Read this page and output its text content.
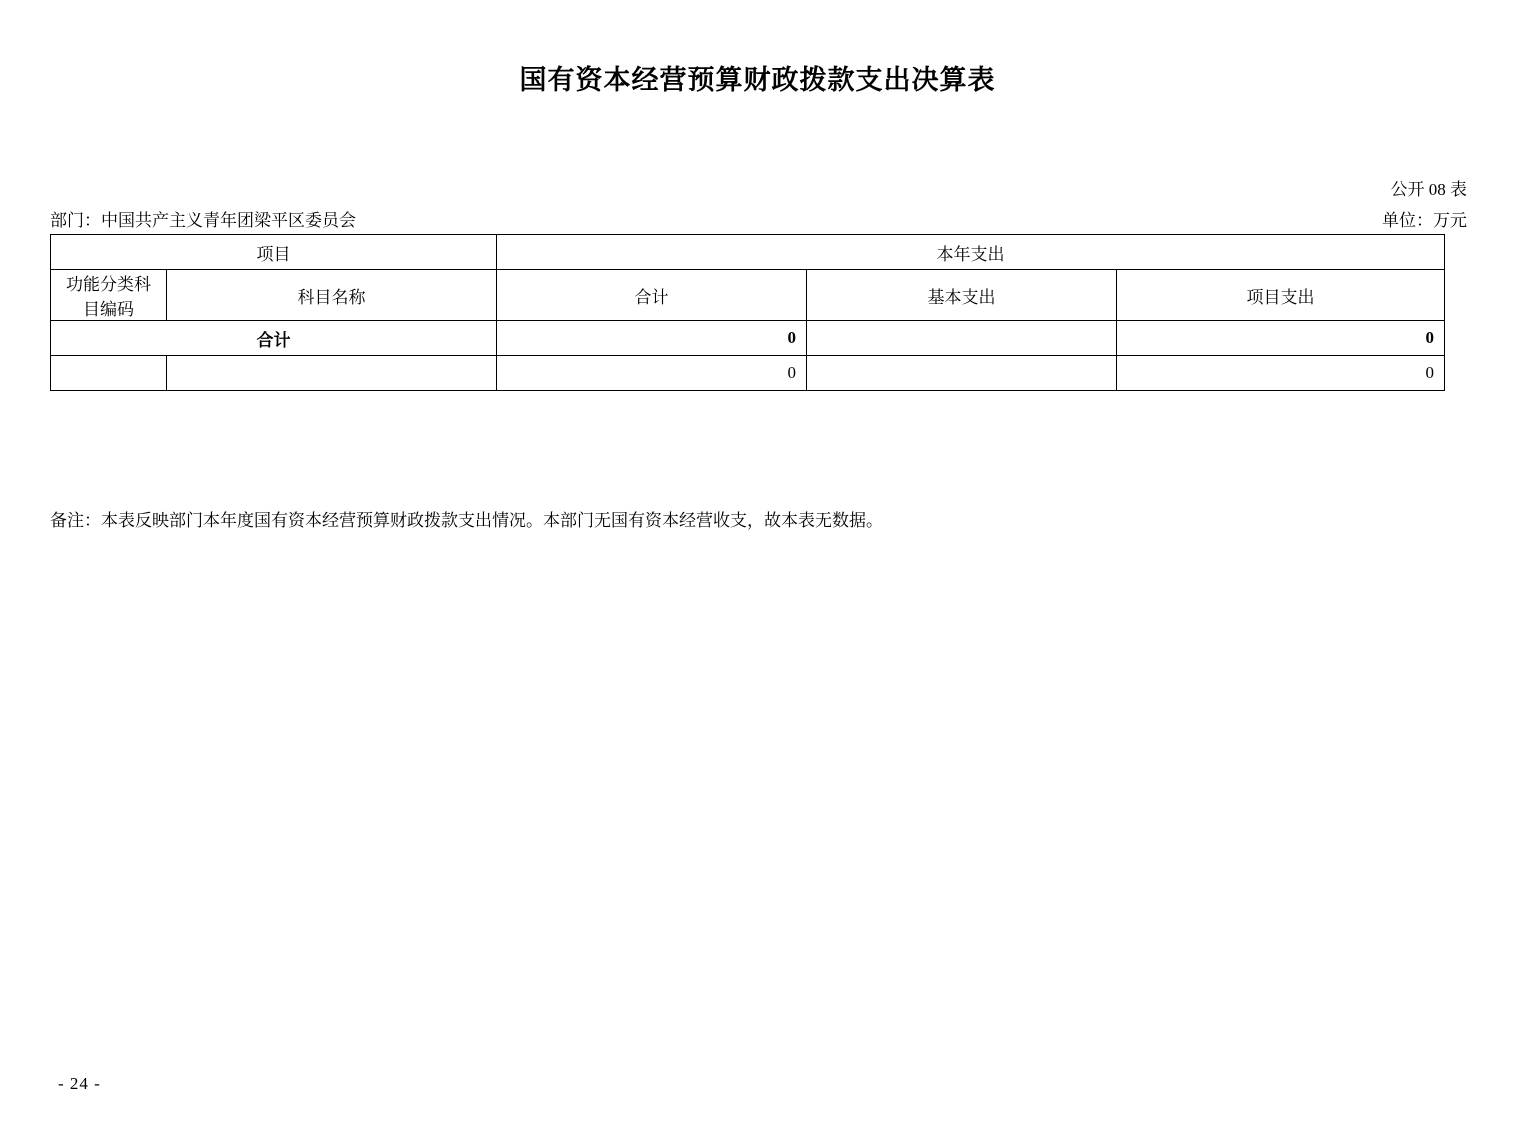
国有资本经营预算财政拨款支出决算表
公开 08 表
部门：中国共产主义青年团梁平区委员会	单位：万元
项目		本年支出		
功能分类科目编码	科目名称	合计	基本支出	项目支出
合计		0		0
		0		0
备注：本表反映部门本年度国有资本经营预算财政拨款支出情况。本部门无国有资本经营收支，故本表无数据。
- 24 -
